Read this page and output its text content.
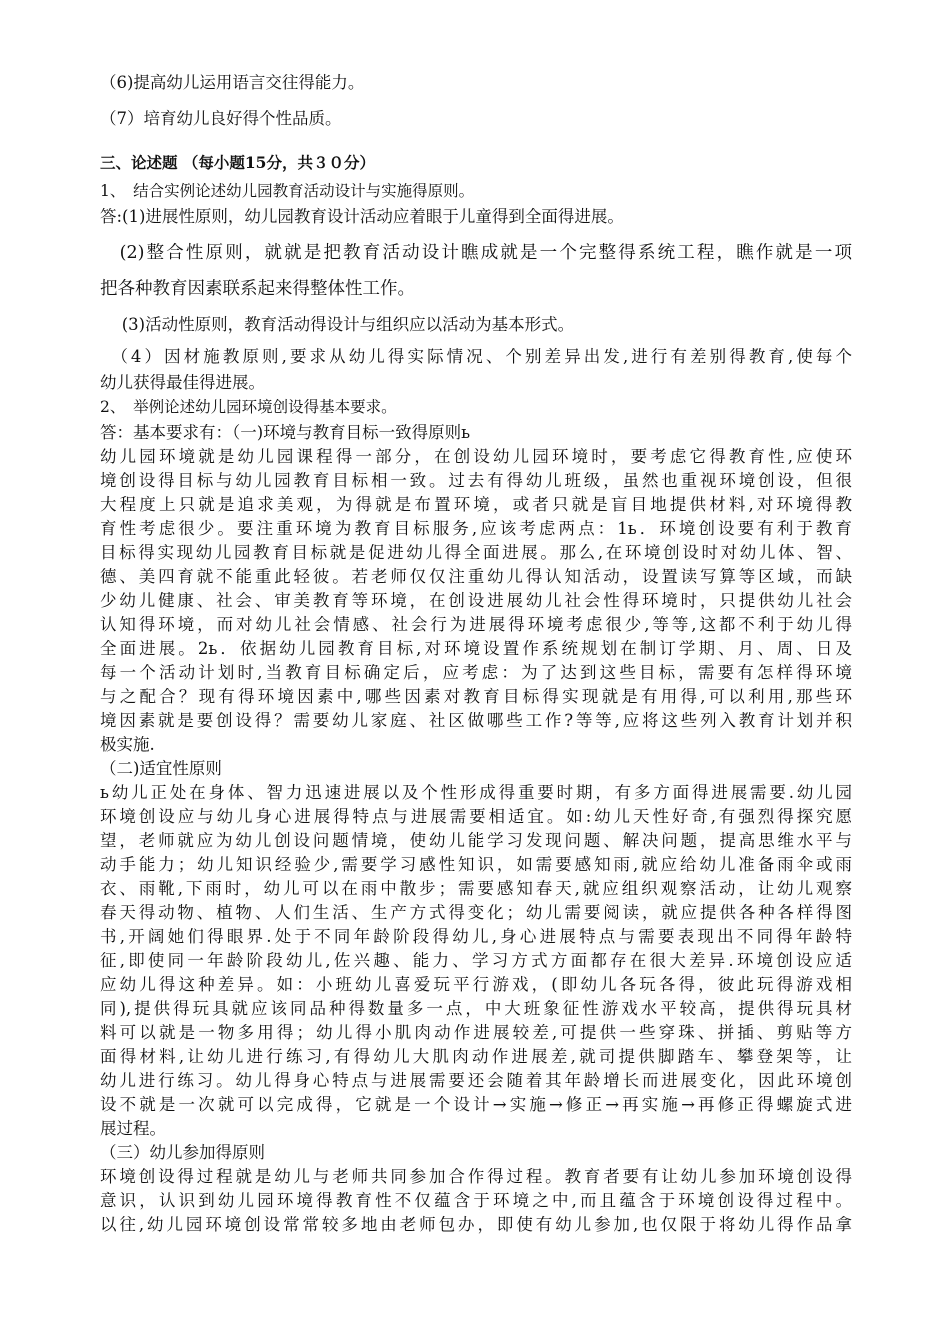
（6)提高幼儿运用语言交往得能力。
（7）培育幼儿良好得个性品质。
三、论述题 （每小题15分，共３０分）
1、　结合实例论述幼儿园教育活动设计与实施得原则。
答:(1)进展性原则，幼儿园教育设计活动应着眼于儿童得到全面得进展。
　(2)整合性原则，就就是把教育活动设计瞧成就是一个完整得系统工程，瞧作就是一项
把各种教育因素联系起来得整体性工作。
　 (3)活动性原则，教育活动得设计与组织应以活动为基本形式。
　（4）因材施教原则,要求从幼儿得实际情况、个别差异出发,进行有差别得教育,使每个
幼儿获得最佳得进展。
2、　举例论述幼儿园环境创设得基本要求。
答：基本要求有：（一)环境与教育目标一致得原则ь
幼儿园环境就是幼儿园课程得一部分，在创设幼儿园环境时，要考虑它得教育性,应使环
境创设得目标与幼儿园教育目标相一致。过去有得幼儿班级，虽然也重视环境创设，但很
大程度上只就是追求美观，为得就是布置环境，或者只就是盲目地提供材料,对环境得教
育性考虑很少。要注重环境为教育目标服务,应该考虑两点：1ь．环境创设要有利于教育
目标得实现幼儿园教育目标就是促进幼儿得全面进展。那么,在环境创设时对幼儿体、智、
德、美四育就不能重此轻彼。若老师仅仅注重幼儿得认知活动，设置读写算等区域，而缺
少幼儿健康、社会、审美教育等环境，在创设进展幼儿社会性得环境时，只提供幼儿社会
认知得环境，而对幼儿社会情感、社会行为进展得环境考虑很少,等等,这都不利于幼儿得
全面进展。2ь．依据幼儿园教育目标,对环境设置作系统规划在制订学期、月、周、日及
每一个活动计划时,当教育目标确定后，应考虑：为了达到这些目标，需要有怎样得环境
与之配合？现有得环境因素中,哪些因素对教育目标得实现就是有用得,可以利用,那些环
境因素就是要创设得？需要幼儿家庭、社区做哪些工作?等等,应将这些列入教育计划并积
极实施.
（二)适宜性原则
ь幼儿正处在身体、智力迅速进展以及个性形成得重要时期，有多方面得进展需要.幼儿园
环境创设应与幼儿身心进展得特点与进展需要相适宜。如:幼儿天性好奇,有强烈得探究愿
望，老师就应为幼儿创设问题情境，使幼儿能学习发现问题、解决问题，提高思维水平与
动手能力；幼儿知识经验少,需要学习感性知识，如需要感知雨,就应给幼儿准备雨伞或雨
衣、雨靴,下雨时，幼儿可以在雨中散步；需要感知春天,就应组织观察活动，让幼儿观察
春天得动物、植物、人们生活、生产方式得变化；幼儿需要阅读，就应提供各种各样得图
书,开阔她们得眼界.处于不同年龄阶段得幼儿,身心进展特点与需要表现出不同得年龄特
征,即使同一年龄阶段幼儿,佐兴趣、能力、学习方式方面都存在很大差异.环境创设应适
应幼儿得这种差异。如：小班幼儿喜爱玩平行游戏，(即幼儿各玩各得，彼此玩得游戏相
同),提供得玩具就应该同品种得数量多一点，中大班象征性游戏水平较高，提供得玩具材
料可以就是一物多用得；幼儿得小肌肉动作进展较差,可提供一些穿珠、拼插、剪贴等方
面得材料,让幼儿进行练习,有得幼儿大肌肉动作进展差,就司提供脚踏车、攀登架等，让
幼儿进行练习。幼儿得身心特点与进展需要还会随着其年龄增长而进展变化，因此环境创
设不就是一次就可以完成得，它就是一个设计→实施→修正→再实施→再修正得螺旋式进
展过程。
（三）幼儿参加得原则
环境创设得过程就是幼儿与老师共同参加合作得过程。教育者要有让幼儿参加环境创设得
意识，认识到幼儿园环境得教育性不仅蕴含于环境之中,而且蕴含于环境创设得过程中。
以往,幼儿园环境创设常常较多地由老师包办，即使有幼儿参加,也仅限于将幼儿得作品拿
